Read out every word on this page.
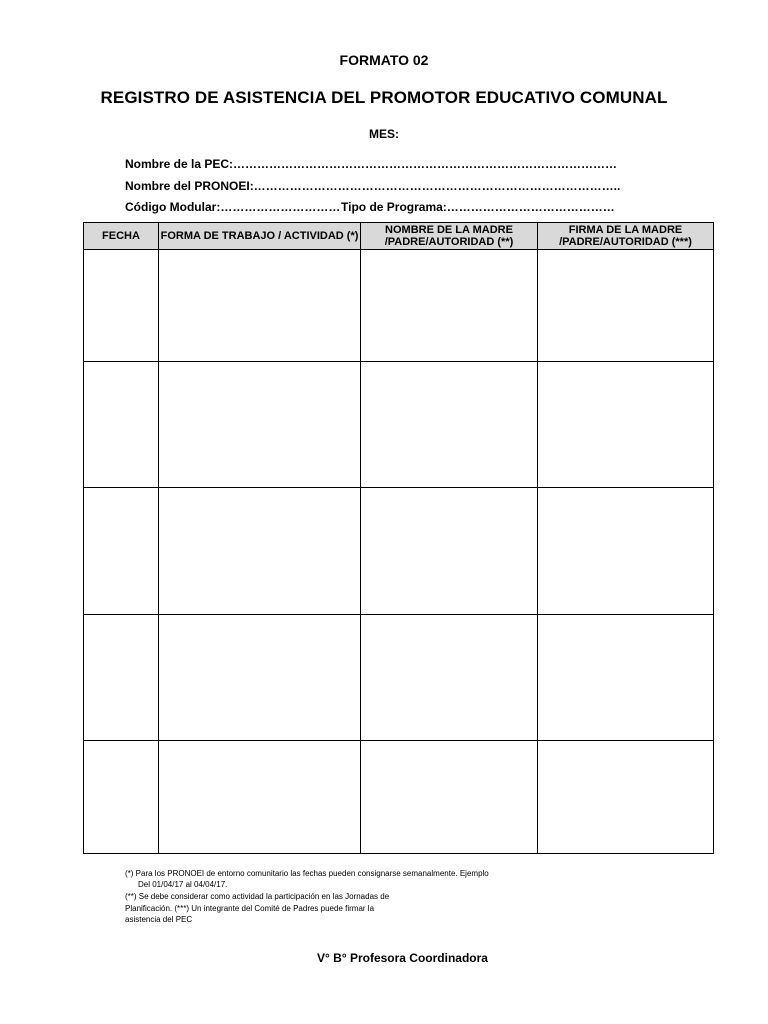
FORMATO 02
REGISTRO DE ASISTENCIA DEL PROMOTOR EDUCATIVO COMUNAL
MES:
Nombre de la PEC:……………………………………………………………………………………
Nombre del PRONOEI:………………………………………………………………………………..
Código Modular:………………………… Tipo de Programa:……………………………………
FECHA	FORMA DE TRABAJO / ACTIVIDAD (*)	NOMBRE DE LA MADRE /PADRE/AUTORIDAD (**)	FIRMA DE LA MADRE /PADRE/AUTORIDAD (***)

(*) Para los PRONOEI de entorno comunitario las fechas pueden consignarse semanalmente. Ejemplo
Del 01/04/17 al 04/04/17.
(**) Se debe considerar como actividad la participación en las Jornadas de
Planificación. (***) Un integrante del Comité de Padres puede firmar la
asistencia del PEC
V° B° Profesora Coordinadora
